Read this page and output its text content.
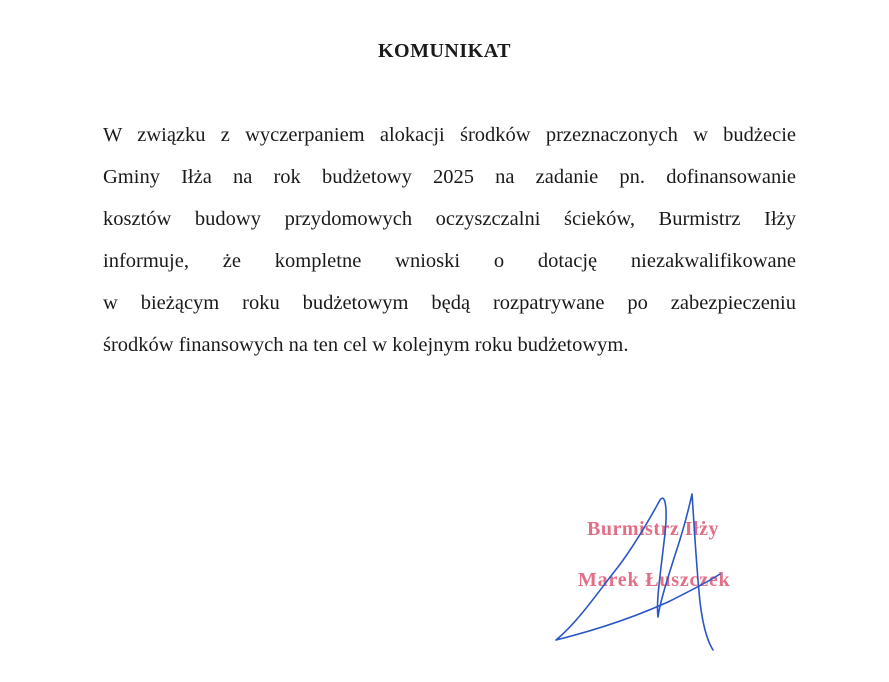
KOMUNIKAT
W związku z wyczerpaniem alokacji środków przeznaczonych w budżecie
Gminy Iłża na rok budżetowy 2025 na zadanie pn. dofinansowanie
kosztów budowy przydomowych oczyszczalni ścieków, Burmistrz Iłży
informuje, że kompletne wnioski o dotację niezakwalifikowane
w bieżącym roku budżetowym będą rozpatrywane po zabezpieczeniu
środków finansowych na ten cel w kolejnym roku budżetowym.
Burmistrz Iłży
Marek Łuszczek
